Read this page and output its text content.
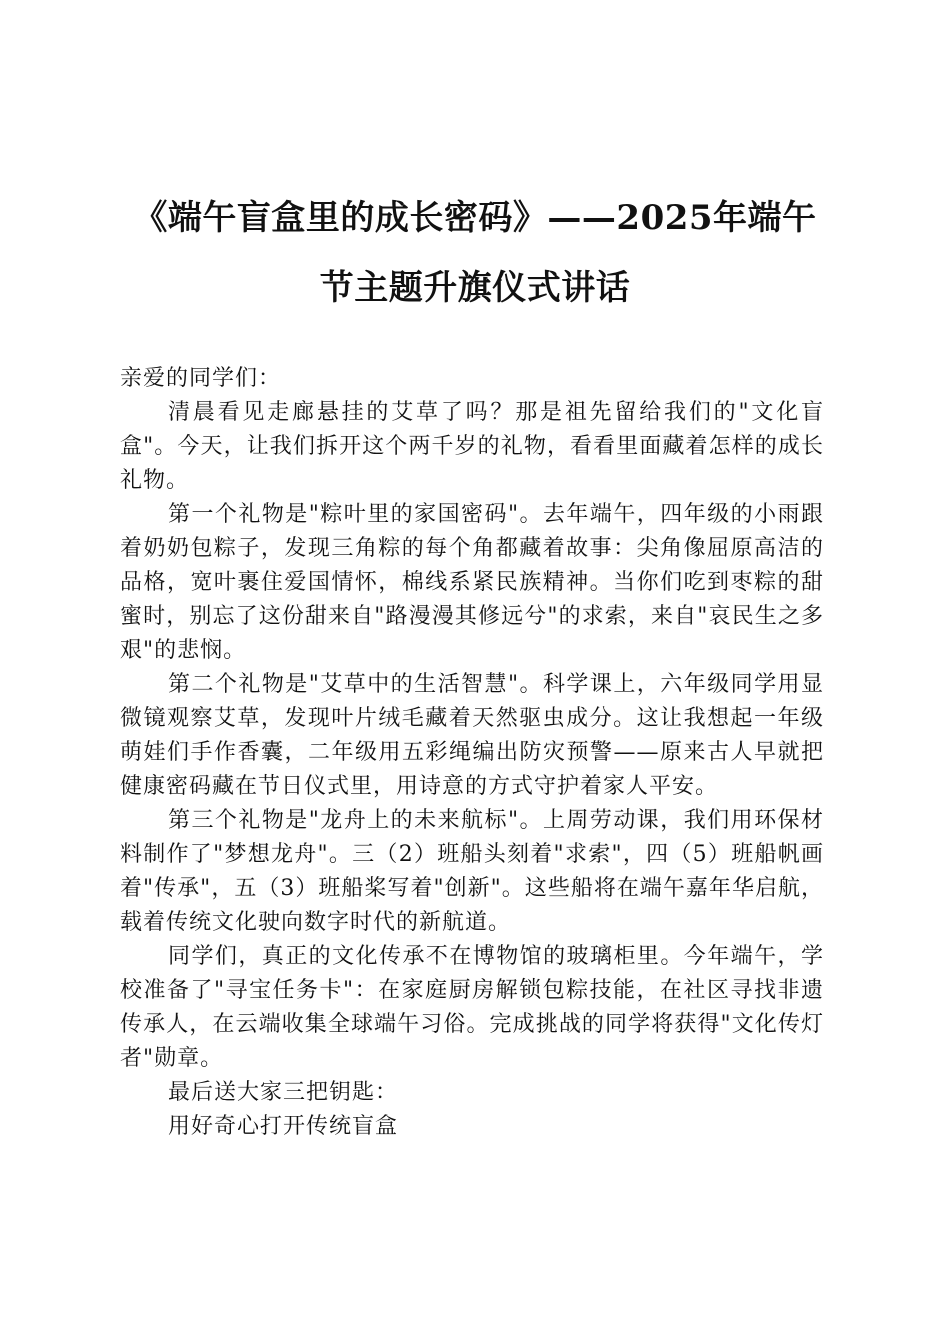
《端午盲盒里的成长密码》——2025年端午
节主题升旗仪式讲话

亲爱的同学们：

清晨看见走廊悬挂的艾草了吗？那是祖先留给我们的"文化盲盒"。今天，让我们拆开这个两千岁的礼物，看看里面藏着怎样的成长礼物。

第一个礼物是"粽叶里的家国密码"。去年端午，四年级的小雨跟着奶奶包粽子，发现三角粽的每个角都藏着故事：尖角像屈原高洁的品格，宽叶裹住爱国情怀，棉线系紧民族精神。当你们吃到枣粽的甜蜜时，别忘了这份甜来自"路漫漫其修远兮"的求索，来自"哀民生之多艰"的悲悯。

第二个礼物是"艾草中的生活智慧"。科学课上，六年级同学用显微镜观察艾草，发现叶片绒毛藏着天然驱虫成分。这让我想起一年级萌娃们手作香囊，二年级用五彩绳编出防灾预警——原来古人早就把健康密码藏在节日仪式里，用诗意的方式守护着家人平安。

第三个礼物是"龙舟上的未来航标"。上周劳动课，我们用环保材料制作了"梦想龙舟"。三（2）班船头刻着"求索"，四（5）班船帆画着"传承"，五（3）班船桨写着"创新"。这些船将在端午嘉年华启航，载着传统文化驶向数字时代的新航道。

同学们，真正的文化传承不在博物馆的玻璃柜里。今年端午，学校准备了"寻宝任务卡"：在家庭厨房解锁包粽技能，在社区寻找非遗传承人，在云端收集全球端午习俗。完成挑战的同学将获得"文化传灯者"勋章。

最后送大家三把钥匙：

用好奇心打开传统盲盒
